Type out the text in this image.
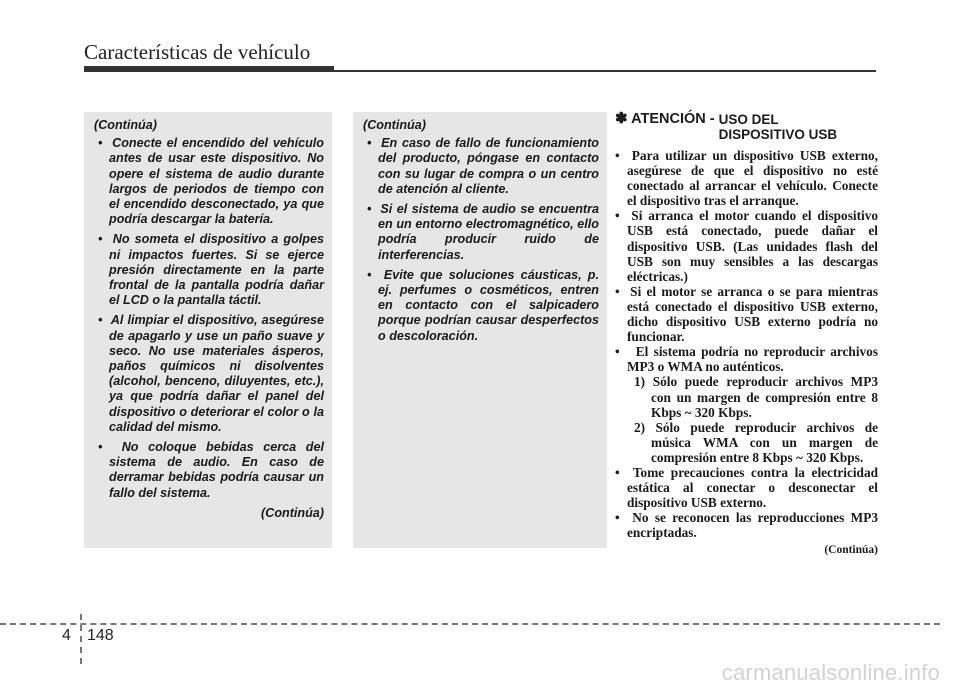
Características de vehículo
(Continúa)
•  Conecte el encendido del vehículo antes de usar este dispositivo. No opere el sistema de audio durante largos de periodos de tiempo con el encendido desconectado, ya que podría descargar la batería.
•  No someta el dispositivo a golpes ni impactos fuertes. Si se ejerce presión directamente en la parte frontal de la pantalla podría dañar el LCD o la pantalla táctil.
•  Al limpiar el dispositivo, asegúrese de apagarlo y use un paño suave y seco. No use materiales ásperos, paños químicos ni disolventes (alcohol, benceno, diluyentes, etc.), ya que podría dañar el panel del dispositivo o deteriorar el color o la calidad del mismo.
•  No coloque bebidas cerca del sistema de audio. En caso de derramar bebidas podría causar un fallo del sistema.
(Continúa)
(Continúa)
•  En caso de fallo de funcionamiento del producto, póngase en contacto con su lugar de compra o un centro de atención al cliente.
•  Si el sistema de audio se encuentra en un entorno electromagnético, ello podría producir ruido de interferencias.
•  Evite que soluciones cáusticas, p. ej. perfumes o cosméticos, entren en contacto con el salpicadero porque podrían causar desperfectos o descoloración.
✽ ATENCIÓN - USO DEL DISPOSITIVO USB
•  Para utilizar un dispositivo USB externo, asegúrese de que el dispositivo no esté conectado al arrancar el vehículo. Conecte el dispositivo tras el arranque.
•  Si arranca el motor cuando el dispositivo USB está conectado, puede dañar el dispositivo USB. (Las unidades flash del USB son muy sensibles a las descargas eléctricas.)
•  Si el motor se arranca o se para mientras está conectado el dispositivo USB externo, dicho dispositivo USB externo podría no funcionar.
•  El sistema podría no reproducir archivos MP3 o WMA no auténticos.
1) Sólo puede reproducir archivos MP3 con un margen de compresión entre 8 Kbps ~ 320 Kbps.
2) Sólo puede reproducir archivos de música WMA con un margen de compresión entre 8 Kbps ~ 320 Kbps.
•  Tome precauciones contra la electricidad estática al conectar o desconectar el dispositivo USB externo.
•  No se reconocen las reproducciones MP3 encriptadas.
(Continúa)
4 148
carmanualsonline.info
